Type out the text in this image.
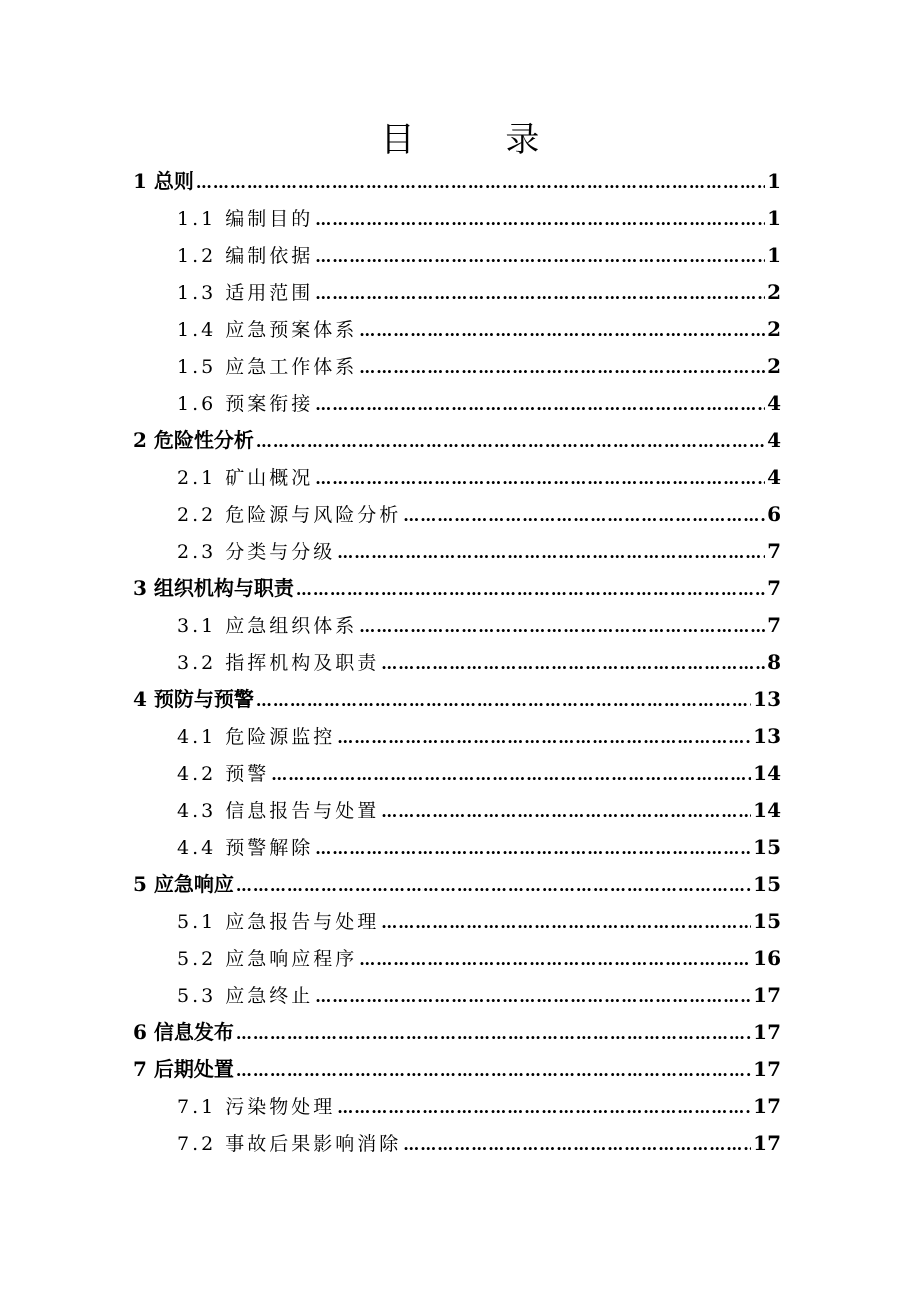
目 录
1 总则 ………………………………………………………………………………………………………………………………………………………………	1
1.1 编制目的 ………………………………………………………………………………………………………………………………………………………………	1
1.2 编制依据 ………………………………………………………………………………………………………………………………………………………………	1
1.3 适用范围 ………………………………………………………………………………………………………………………………………………………………	2
1.4 应急预案体系 ………………………………………………………………………………………………………………………………………………………………	2
1.5 应急工作体系 ………………………………………………………………………………………………………………………………………………………………	2
1.6 预案衔接 ………………………………………………………………………………………………………………………………………………………………	4
2 危险性分析 ………………………………………………………………………………………………………………………………………………………………	4
2.1 矿山概况 ………………………………………………………………………………………………………………………………………………………………	4
2.2 危险源与风险分析 ………………………………………………………………………………………………………………………………………………………………	6
2.3 分类与分级 ………………………………………………………………………………………………………………………………………………………………	7
3 组织机构与职责 ………………………………………………………………………………………………………………………………………………………………	7
3.1 应急组织体系 ………………………………………………………………………………………………………………………………………………………………	7
3.2 指挥机构及职责 ………………………………………………………………………………………………………………………………………………………………	8
4 预防与预警 ………………………………………………………………………………………………………………………………………………………………	13
4.1 危险源监控 ………………………………………………………………………………………………………………………………………………………………	13
4.2 预警 ………………………………………………………………………………………………………………………………………………………………	14
4.3 信息报告与处置 ………………………………………………………………………………………………………………………………………………………………	14
4.4 预警解除 ………………………………………………………………………………………………………………………………………………………………	15
5 应急响应 ………………………………………………………………………………………………………………………………………………………………	15
5.1 应急报告与处理 ………………………………………………………………………………………………………………………………………………………………	15
5.2 应急响应程序 ………………………………………………………………………………………………………………………………………………………………	16
5.3 应急终止 ………………………………………………………………………………………………………………………………………………………………	17
6 信息发布 ………………………………………………………………………………………………………………………………………………………………	17
7 后期处置 ………………………………………………………………………………………………………………………………………………………………	17
7.1 污染物处理 ………………………………………………………………………………………………………………………………………………………………	17
7.2 事故后果影响消除 ………………………………………………………………………………………………………………………………………………………………	17
